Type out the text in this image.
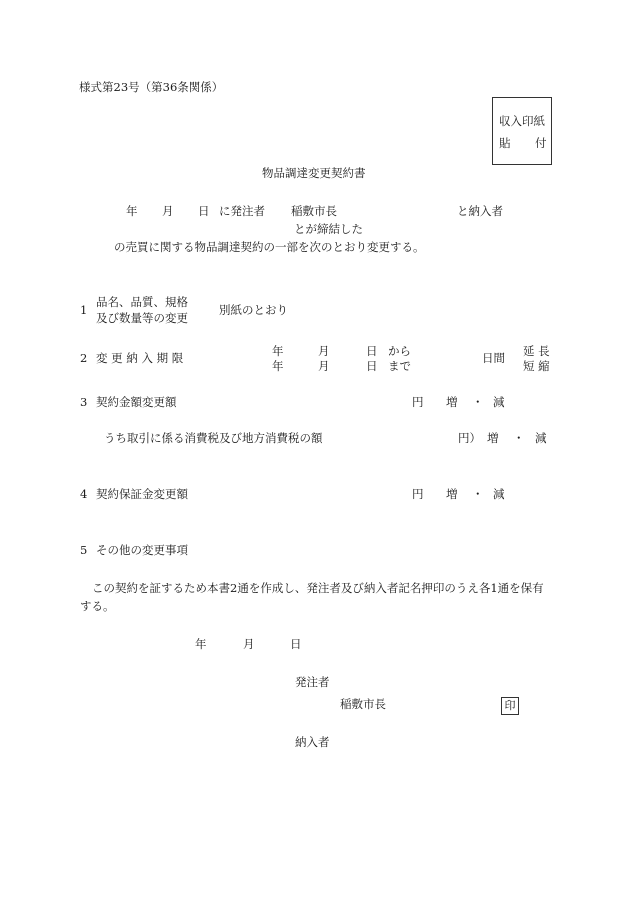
様式第23号（第36条関係）
収入印紙
貼 付
物品調達変更契約書
年 月 日 に発注者 稲敷市長	と納入者
とが締結した
の売買に関する物品調達契約の一部を次のとおり変更する。
1
品名、品質、規格
及び数量等の変更
別紙のとおり
2 変 更 納 入 期 限	年	月	日 から
年	月	日 まで
日間 延 長
短 縮
3 契約金額変更額	円 増 ・ 減
うち取引に係る消費税及び地方消費税の額	円） 増 ・ 減
4 契約保証金変更額	円 増 ・ 減
5 その他の変更事項
この契約を証するため本書2通を作成し、発注者及び納入者記名押印のうえ各1通を保有
する。
年	月	日
発注者
稲敷市長	印
納入者
